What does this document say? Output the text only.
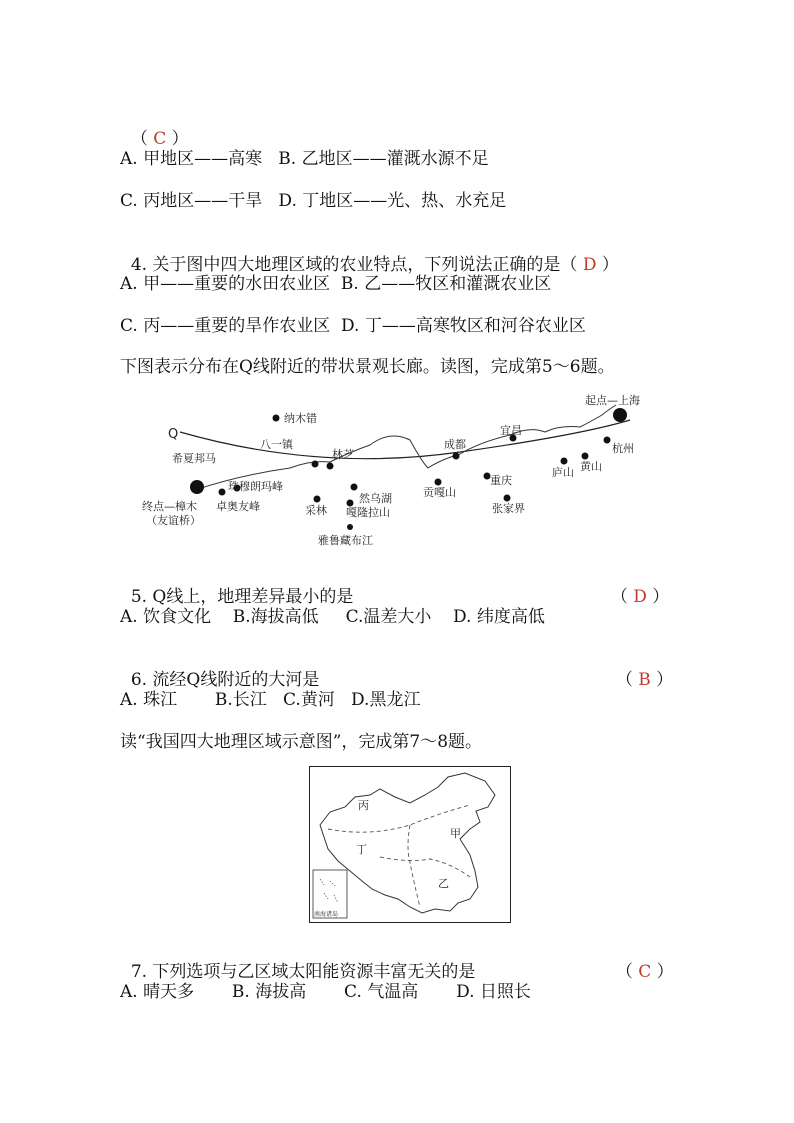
（ C ）

A. 甲地区——高寒   B. 乙地区——灌溉水源不足
C. 丙地区——干旱   D. 丁地区——光、热、水充足

4. 关于图中四大地理区域的农业特点，下列说法正确的是（ D ）

A. 甲——重要的水田农业区  B. 乙——牧区和灌溉农业区
C. 丙——重要的旱作农业区  D. 丁——高寒牧区和河谷农业区
下图表示分布在Q线附近的带状景观长廊。读图，完成第5～6题。
纳木错
八一镇
林芝
成都
宜昌
起点—上海
杭州
希夏邦马
珠穆朗玛峰
卓奥友峰
终点—樟木
（友谊桥）
采林
然乌湖
嘎隆拉山
雅鲁藏布江
贡嘎山
重庆
张家界
庐山 黄山
Q

5. Q线上，地理差异最小的是	（ D ）

A. 饮食文化    B.海拔高低     C.温差大小    D. 纬度高低

6. 流经Q线附近的大河是	（ B ）

A. 珠江       B.长江   C.黄河   D.黑龙江
读“我国四大地理区域示意图”，完成第7～8题。
丙
丁
甲
乙
南海诸岛

7. 下列选项与乙区域太阳能资源丰富无关的是	（ C ）

A. 晴天多       B. 海拔高       C. 气温高       D. 日照长
